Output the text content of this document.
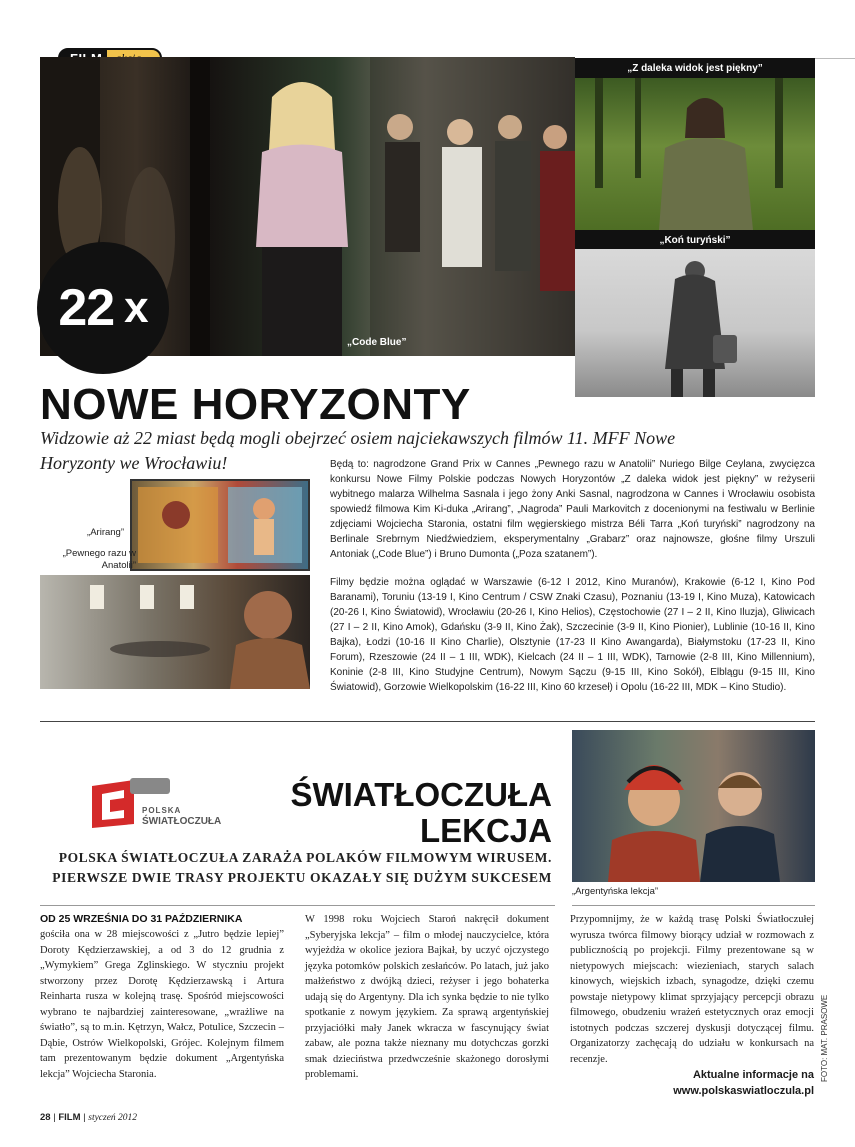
„Code Blue”
„Z daleka widok jest piękny”
„Koń turyński”
22 x
NOWE HORYZONTY
Widzowie aż 22 miast będą mogli obejrzeć osiem najciekawszych filmów 11. MFF Nowe Horyzonty we Wrocławiu!
„Arirang”
„Pewnego razu w Anatolii”
Będą to: nagrodzone Grand Prix w Cannes „Pewnego razu w Anatolii” Nuriego Bilge Ceylana, zwycięzca konkursu Nowe Filmy Polskie podczas Nowych Horyzontów „Z daleka widok jest piękny” w reżyserii wybitnego malarza Wilhelma Sasnala i jego żony Anki Sasnal, nagrodzona w Cannes i Wrocławiu osobista spowiedź filmowa Kim Ki-duka „Arirang”, „Nagroda” Pauli Markovitch z docenionymi na festiwalu w Berlinie zdjęciami Wojciecha Staronia, ostatni film węgierskiego mistrza Béli Tarra „Koń turyński” nagrodzony na Berlinale Srebrnym Niedźwiedziem, eksperymentalny „Grabarz” oraz najnowsze, głośne filmy Urszuli Antoniak („Code Blue”) i Bruno Dumonta („Poza szatanem”).
Filmy będzie można oglądać w Warszawie (6-12 I 2012, Kino Muranów), Krakowie (6-12 I, Kino Pod Baranami), Toruniu (13-19 I, Kino Centrum / CSW Znaki Czasu), Poznaniu (13-19 I, Kino Muza), Katowicach (20-26 I, Kino Światowid), Wrocławiu (20-26 I, Kino Helios), Częstochowie (27 I – 2 II, Kino Iluzja), Gliwicach (27 I – 2 II, Kino Amok), Gdańsku (3-9 II, Kino Żak), Szczecinie (3-9 II, Kino Pionier), Lublinie (10-16 II, Kino Bajka), Łodzi (10-16 II Kino Charlie), Olsztynie (17-23 II Kino Awangarda), Białymstoku (17-23 II, Kino Forum), Rzeszowie (24 II – 1 III, WDK), Kielcach (24 II – 1 III, WDK), Tarnowie (2-8 III, Kino Millennium), Koninie (2-8 III, Kino Studyjne Centrum), Nowym Sączu (9-15 III, Kino Sokół), Elblągu (9-15 III, Kino Światowid), Gorzowie Wielkopolskim (16-22 III, Kino 60 krzeseł) i Opolu (16-22 III, MDK – Kino Studio).
POLSKA
ŚWIATŁOCZUŁA
ŚWIATŁOCZUŁA
LEKCJA
POLSKA ŚWIATŁOCZUŁA ZARAŻA POLAKÓW FILMOWYM WIRUSEM.
PIERWSZE DWIE TRASY PROJEKTU OKAZAŁY SIĘ DUŻYM SUKCESEM
„Argentyńska lekcja”
OD 25 WRZEŚNIA DO 31 PAŹDZIERNIKA
gościła ona w 28 miejscowości z „Jutro będzie lepiej” Doroty Kędzierzawskiej, a od 3 do 12 grudnia z „Wymykiem” Grega Zglinskiego. W styczniu projekt stworzony przez Dorotę Kędzierzawską i Artura Reinharta rusza w kolejną trasę. Spośród miejscowości wybrano te najbardziej zainteresowane, „wrażliwe na światło”, są to m.in. Kętrzyn, Wałcz, Potulice, Szczecin – Dąbie, Ostrów Wielkopolski, Grójec. Kolejnym filmem tam prezentowanym będzie dokument „Argentyńska lekcja” Wojciecha Staronia.
W 1998 roku Wojciech Staroń nakręcił dokument „Syberyjska lekcja” – film o młodej nauczycielce, która wyjeżdża w okolice jeziora Bajkał, by uczyć ojczystego języka potomków polskich zesłańców. Po latach, już jako małżeństwo z dwójką dzieci, reżyser i jego bohaterka udają się do Argentyny. Dla ich synka będzie to nie tylko spotkanie z nowym językiem. Za sprawą argentyńskiej przyjaciółki mały Janek wkracza w fascynujący świat zabaw, ale pozna także nieznany mu dotychczas gorzki smak dzieciństwa przedwcześnie skażonego dorosłymi problemami.
Przypomnijmy, że w każdą trasę Polski Światłoczułej wyrusza twórca filmowy biorący udział w rozmowach z publicznością po projekcji. Filmy prezentowane są w nietypowych miejscach: wiezieniach, starych salach kinowych, wiejskich izbach, synagodze, dzięki czemu powstaje nietypowy klimat sprzyjający percepcji obrazu filmowego, obudzeniu wrażeń estetycznych oraz emocji istotnych podczas szczerej dyskusji dotyczącej filmu. Organizatorzy zachęcają do udziału w konkursach na recenzje.
Aktualne informacje na
www.polskaswiatloczula.pl
FOTO: MAT. PRASOWE
28 | FILM | styczeń 2012
